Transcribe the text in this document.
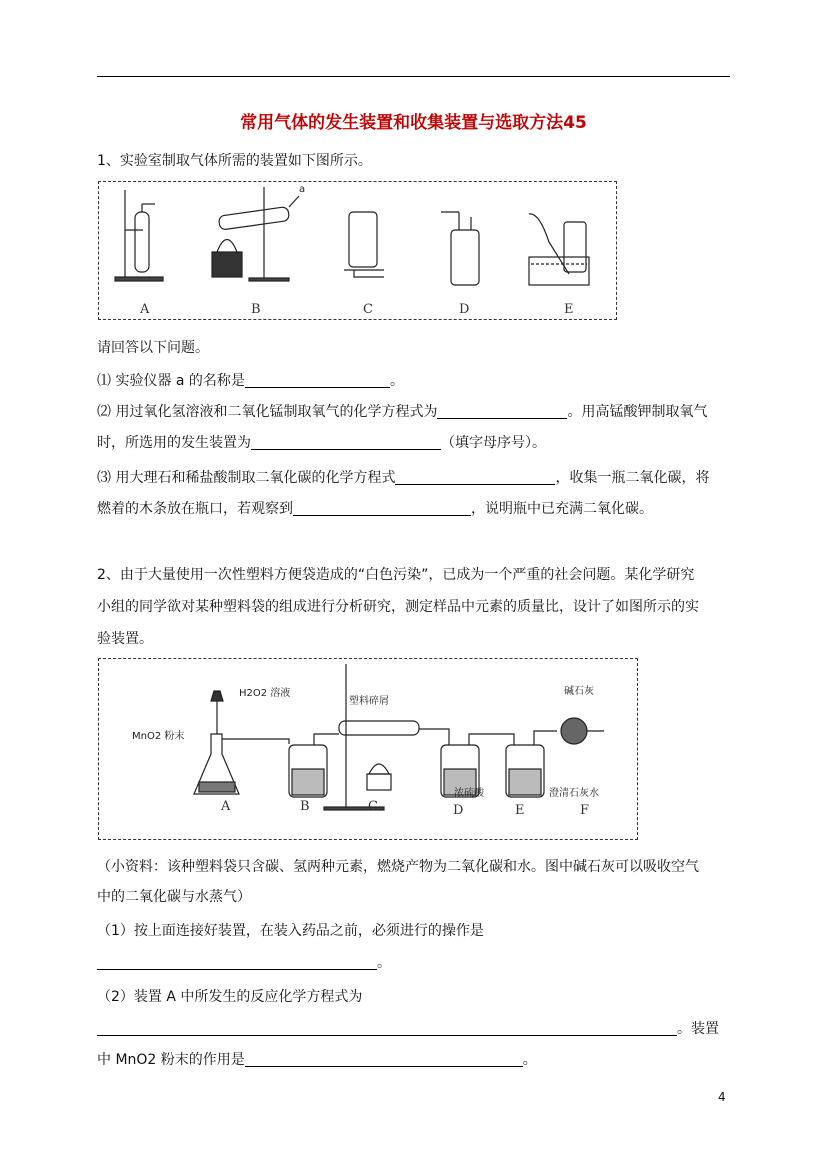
常用气体的发生装置和收集装置与选取方法45
1、实验室制取气体所需的装置如下图所示。
a
A	B	C	D	E
请回答以下问题。
⑴ 实验仪器 a 的名称是	。
⑵ 用过氧化氢溶液和二氧化锰制取氧气的化学方程式为	。用高锰酸钾制取氧气
时，所选用的发生装置为	（填字母序号）。
⑶ 用大理石和稀盐酸制取二氧化碳的化学方程式	，收集一瓶二氧化碳，将
燃着的木条放在瓶口，若观察到	，说明瓶中已充满二氧化碳。
2、由于大量使用一次性塑料方便袋造成的“白色污染”，已成为一个严重的社会问题。某化学研究
小组的同学欲对某种塑料袋的组成进行分析研究，测定样品中元素的质量比，设计了如图所示的实
验装置。
H2O2 溶液
MnO2 粉末
塑料碎屑
碱石灰
浓硫酸	澄清石灰水
A	B	C	D	E	F
（小资料：该种塑料袋只含碳、氢两种元素，燃烧产物为二氧化碳和水。图中碱石灰可以吸收空气
中的二氧化碳与水蒸气）
（1）按上面连接好装置，在装入药品之前，必须进行的操作是
。
（2）装置 A 中所发生的反应化学方程式为
。装置
中 MnO2 粉末的作用是	。
4
